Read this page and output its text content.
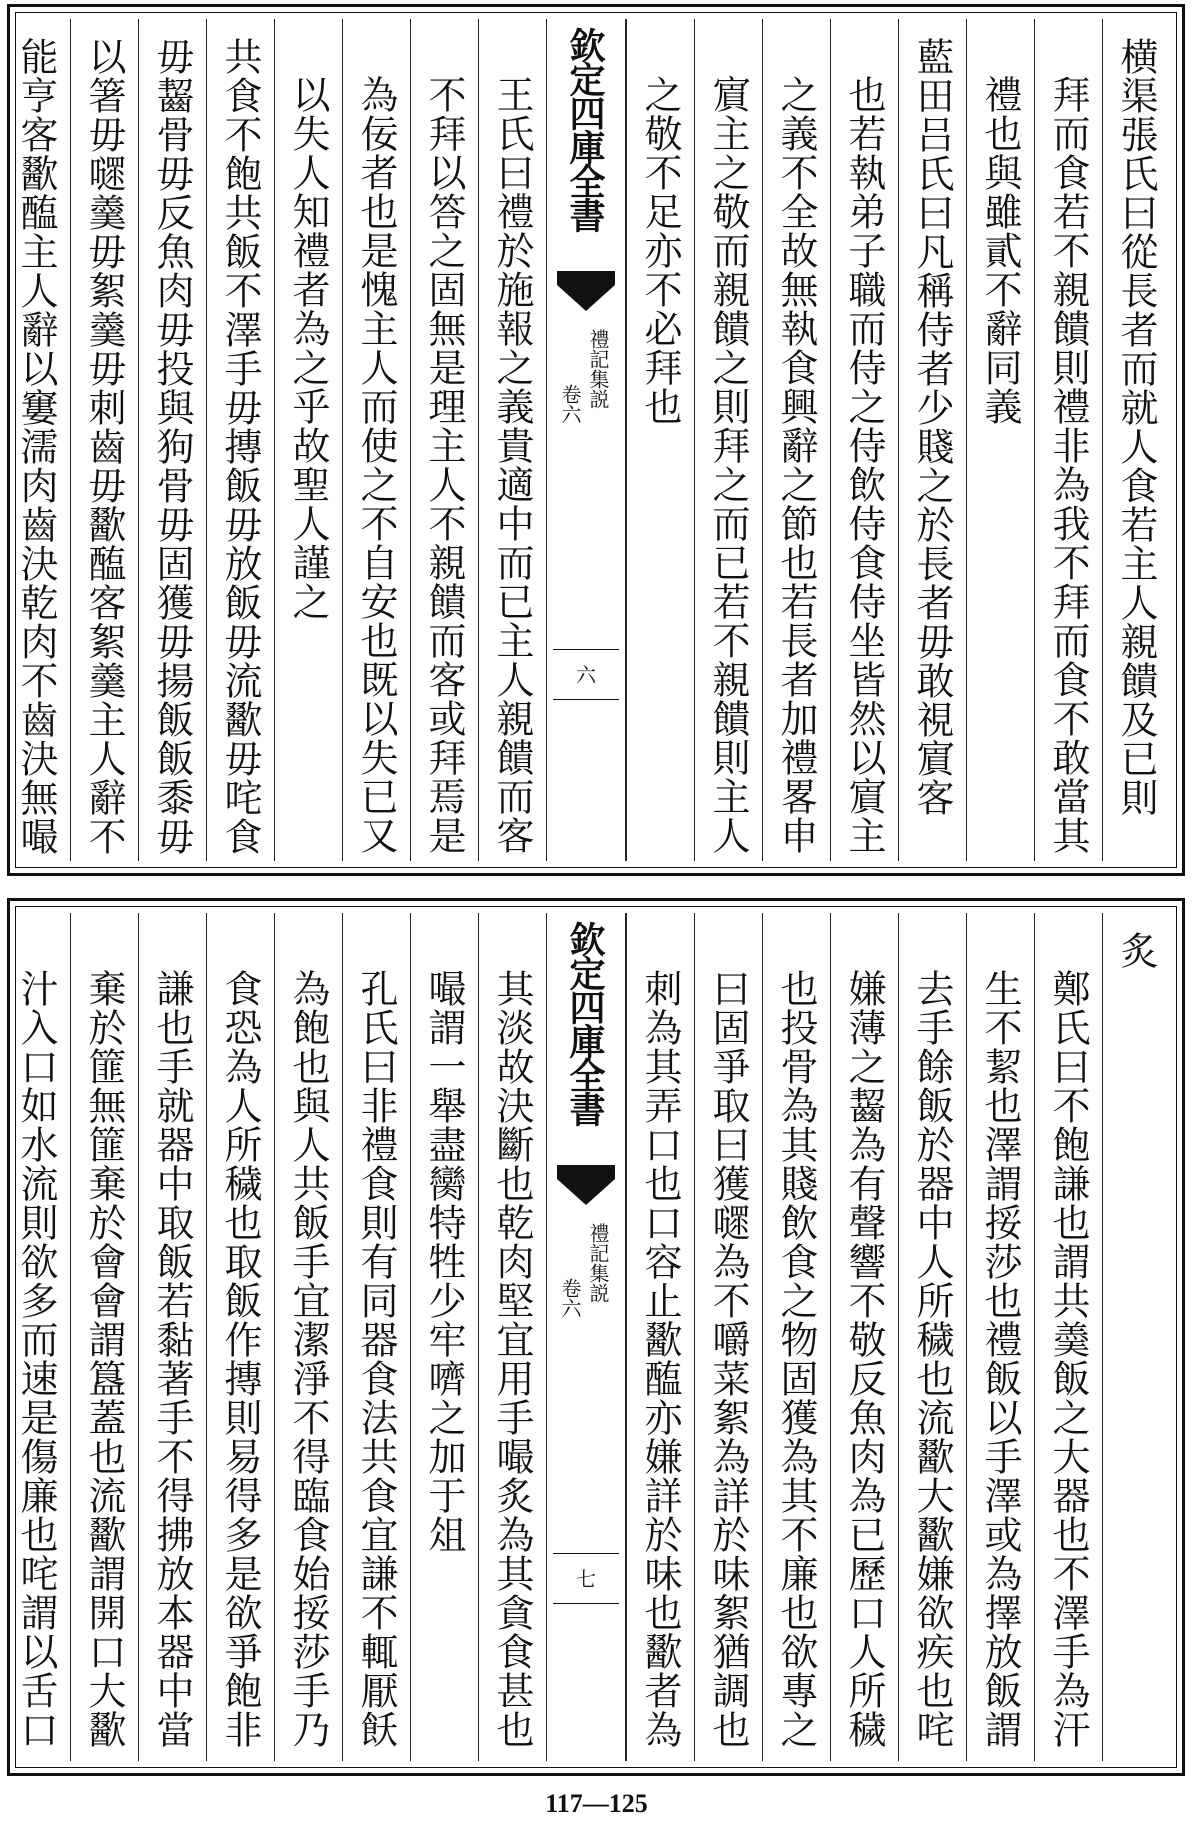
横渠張氏曰從長者而就人食若主人親饋及已則
拜而食若不親饋則禮非為我不拜而食不敢當其
禮也與雖貳不辭同義
藍田吕氏曰凡稱侍者少賤之於長者毋敢視賔客
也若執弟子職而侍之侍飲侍食侍坐皆然以賔主
之義不全故無執食興辭之節也若長者加禮畧申
賔主之敬而親饋之則拜之而已若不親饋則主人
之敬不足亦不必拜也
欽定四庫全書
禮記集説
卷六
六
王氏曰禮於施報之義貴適中而已主人親饋而客
不拜以答之固無是理主人不親饋而客或拜焉是
為佞者也是愧主人而使之不自安也既以失已又
以失人知禮者為之乎故聖人謹之
共食不飽共飯不澤手毋摶飯毋放飯毋流歠毋咤食
毋齧骨毋反魚肉毋投與狗骨毋固獲毋揚飯飯黍毋
以箸毋嚃羹毋絮羹毋刺齒毋歠醢客絮羹主人辭不
能亨客歠醢主人辭以窶濡肉齒決乾肉不齒決無嘬
炙
鄭氏曰不飽謙也謂共羮飯之大器也不澤手為汗
生不絜也澤謂挼莎也禮飯以手澤或為擇放飯謂
去手餘飯於器中人所穢也流歠大歠嫌欲疾也咤
嫌薄之齧為有聲響不敬反魚肉為已歷口人所穢
也投骨為其賤飲食之物固獲為其不廉也欲專之
曰固爭取曰獲嚃為不嚼菜絮為詳於味絮猶調也
刺為其弄口也口容止歠醢亦嫌詳於味也歠者為
欽定四庫全書
禮記集説
卷六
七
其淡故決斷也乾肉堅宜用手嘬炙為其貪食甚也
嘬謂一舉盡臠特牲少牢嚌之加于俎
孔氏曰非禮食則有同器食法共食宜謙不輒厭飫
為飽也與人共飯手宜潔淨不得臨食始挼莎手乃
食恐為人所穢也取飯作摶則易得多是欲爭飽非
謙也手就器中取飯若黏著手不得拂放本器中當
棄於篚無篚棄於會會謂簋蓋也流歠謂開口大歠
汁入口如水流則欲多而速是傷廉也咤謂以舌口
117—125
